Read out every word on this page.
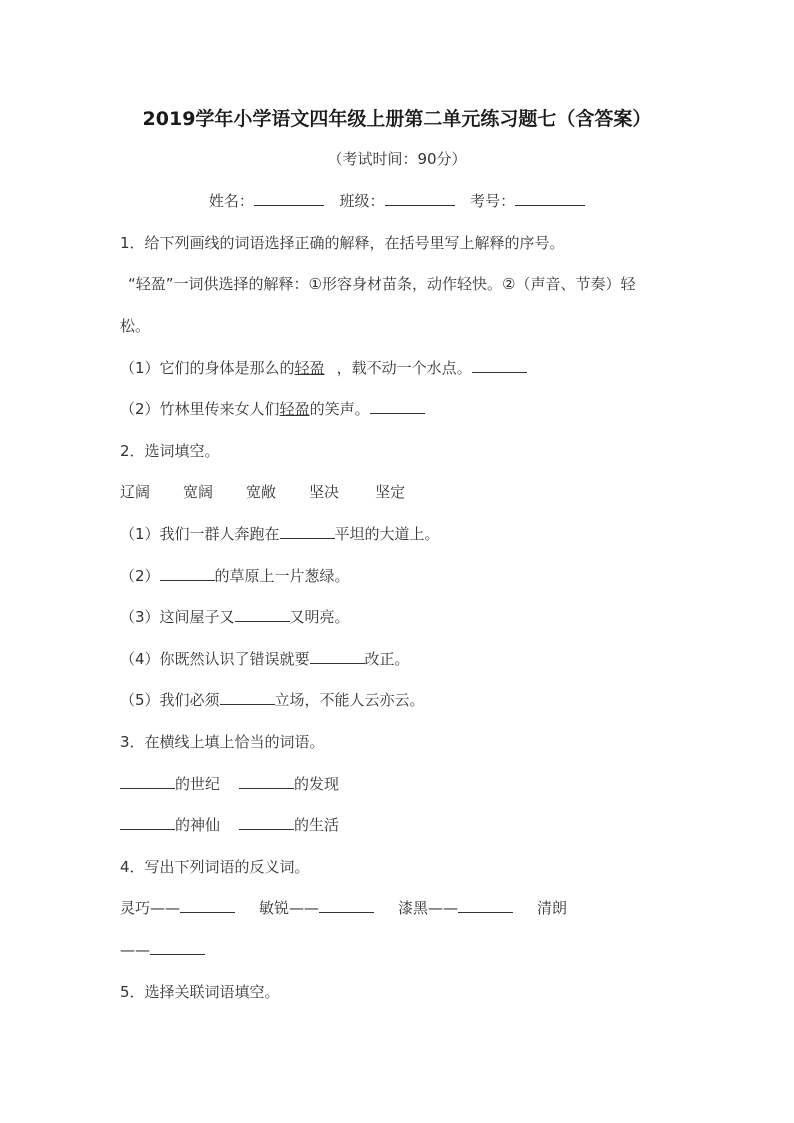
2019学年小学语文四年级上册第二单元练习题七（含答案）
（考试时间：90分）
姓名：	班级：	考号：
1．给下列画线的词语选择正确的解释，在括号里写上解释的序号。
“轻盈”一词供选择的解释：①形容身材苗条，动作轻快。②（声音、节奏）轻
松。
（1）它们的身体是那么的轻盈 ，载不动一个水点。
（2）竹林里传来女人们轻盈的笑声。
2．选词填空。
辽阔 宽阔 宽敞 坚决 坚定
（1）我们一群人奔跑在	平坦的大道上。
（2）	的草原上一片葱绿。
（3）这间屋子又	又明亮。
（4）你既然认识了错误就要	改正。
（5）我们必须	立场，不能人云亦云。
3．在横线上填上恰当的词语。
的世纪	的发现
的神仙	的生活
4．写出下列词语的反义词。
灵巧——	敏锐——	漆黑——	清朗
——
5．选择关联词语填空。
